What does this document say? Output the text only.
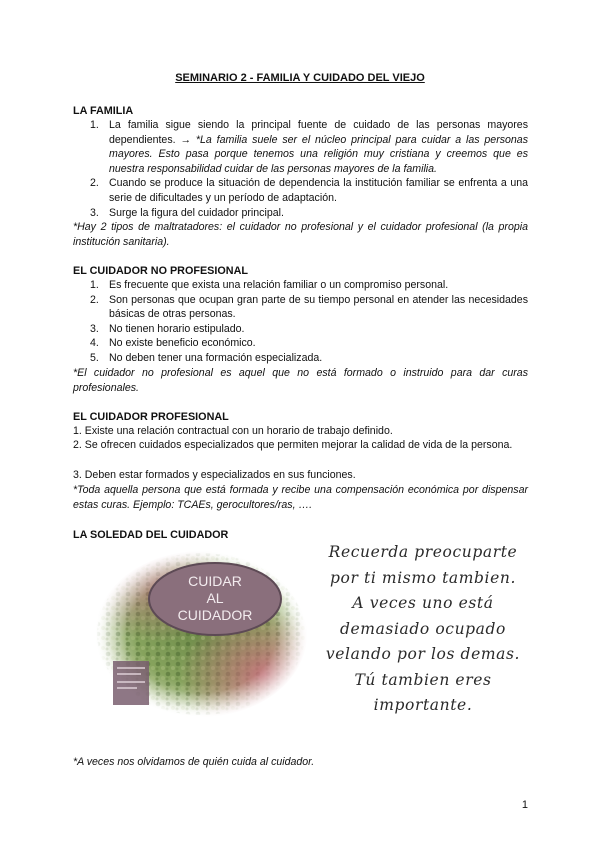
SEMINARIO 2 - FAMILIA Y CUIDADO DEL VIEJO
LA FAMILIA
1. La familia sigue siendo la principal fuente de cuidado de las personas mayores dependientes. → *La familia suele ser el núcleo principal para cuidar a las personas mayores. Esto pasa porque tenemos una religión muy cristiana y creemos que es nuestra responsabilidad cuidar de las personas mayores de la familia.
2. Cuando se produce la situación de dependencia la institución familiar se enfrenta a una serie de dificultades y un período de adaptación.
3. Surge la figura del cuidador principal.
*Hay 2 tipos de maltratadores: el cuidador no profesional y el cuidador profesional (la propia institución sanitaria).
EL CUIDADOR NO PROFESIONAL
1. Es frecuente que exista una relación familiar o un compromiso personal.
2. Son personas que ocupan gran parte de su tiempo personal en atender las necesidades básicas de otras personas.
3. No tienen horario estipulado.
4. No existe beneficio económico.
5. No deben tener una formación especializada.
*El cuidador no profesional es aquel que no está formado o instruido para dar curas profesionales.
EL CUIDADOR PROFESIONAL
1. Existe una relación contractual con un horario de trabajo definido.
2. Se ofrecen cuidados especializados que permiten mejorar la calidad de vida de la persona.
3. Deben estar formados y especializados en sus funciones.
*Toda aquella persona que está formada y recibe una compensación económica por dispensar estas curas. Ejemplo: TCAEs, gerocultores/ras, ….
LA SOLEDAD DEL CUIDADOR
CUIDAR
AL
CUIDADOR
Recuerda preocuparte
por ti mismo tambien.
A veces uno está
demasiado ocupado
velando por los demas.
Tú tambien eres
importante.
*A veces nos olvidamos de quién cuida al cuidador.
1
